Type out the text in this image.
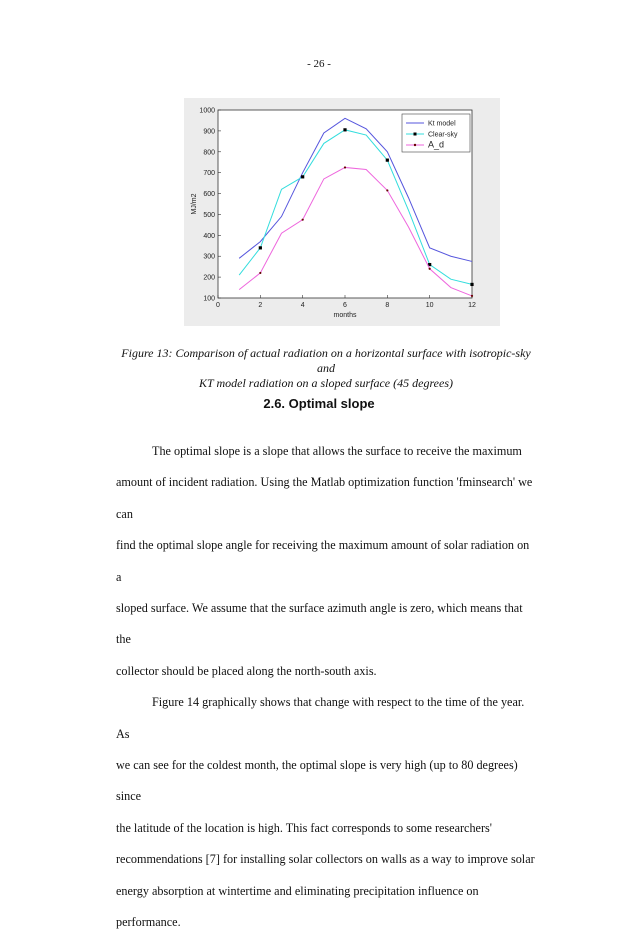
- 26 -
0	2	4	6	8	10	12
100
200
300
400
500
600
700
800
900
1000
months
MJ/m2
Kt model
Clear-sky
A_d
Figure 13: Comparison of actual radiation on a horizontal surface with isotropic-sky and
KT model radiation on a sloped surface (45 degrees)
2.6. Optimal slope

The optimal slope is a slope that allows the surface to receive the maximum
amount of incident radiation. Using the Matlab optimization function 'fminsearch' we can
find the optimal slope angle for receiving the maximum amount of solar radiation on a
sloped surface. We assume that the surface azimuth angle is zero, which means that the
collector should be placed along the north-south axis.

Figure 14 graphically shows that change with respect to the time of the year. As
we can see for the coldest month, the optimal slope is very high (up to 80 degrees) since
the latitude of the location is high. This fact corresponds to some researchers'
recommendations [7] for installing solar collectors on walls as a way to improve solar
energy absorption at wintertime and eliminating precipitation influence on performance.
